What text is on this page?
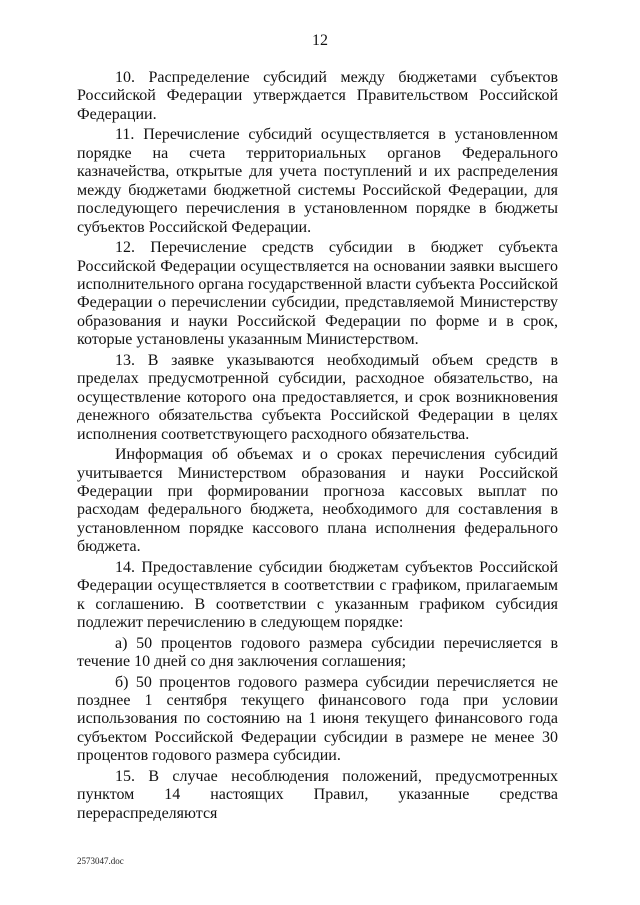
12

10. Распределение субсидий между бюджетами субъектов Российской Федерации утверждается Правительством Российской Федерации.

11. Перечисление субсидий осуществляется в установленном порядке на счета территориальных органов Федерального казначейства, открытые для учета поступлений и их распределения между бюджетами бюджетной системы Российской Федерации, для последующего перечисления в установленном порядке в бюджеты субъектов Российской Федерации.

12. Перечисление средств субсидии в бюджет субъекта Российской Федерации осуществляется на основании заявки высшего исполнительного органа государственной власти субъекта Российской Федерации о перечислении субсидии, представляемой Министерству образования и науки Российской Федерации по форме и в срок, которые установлены указанным Министерством.

13. В заявке указываются необходимый объем средств в пределах предусмотренной субсидии, расходное обязательство, на осуществление которого она предоставляется, и срок возникновения денежного обязательства субъекта Российской Федерации в целях исполнения соответствующего расходного обязательства.

Информация об объемах и о сроках перечисления субсидий учитывается Министерством образования и науки Российской Федерации при формировании прогноза кассовых выплат по расходам федерального бюджета, необходимого для составления в установленном порядке кассового плана исполнения федерального бюджета.

14. Предоставление субсидии бюджетам субъектов Российской Федерации осуществляется в соответствии с графиком, прилагаемым к соглашению. В соответствии с указанным графиком субсидия подлежит перечислению в следующем порядке:

а) 50 процентов годового размера субсидии перечисляется в течение 10 дней со дня заключения соглашения;

б) 50 процентов годового размера субсидии перечисляется не позднее 1 сентября текущего финансового года при условии использования по состоянию на 1 июня текущего финансового года субъектом Российской Федерации субсидии в размере не менее 30 процентов годового размера субсидии.

15. В случае несоблюдения положений, предусмотренных пунктом 14 настоящих Правил, указанные средства перераспределяются

2573047.doc
